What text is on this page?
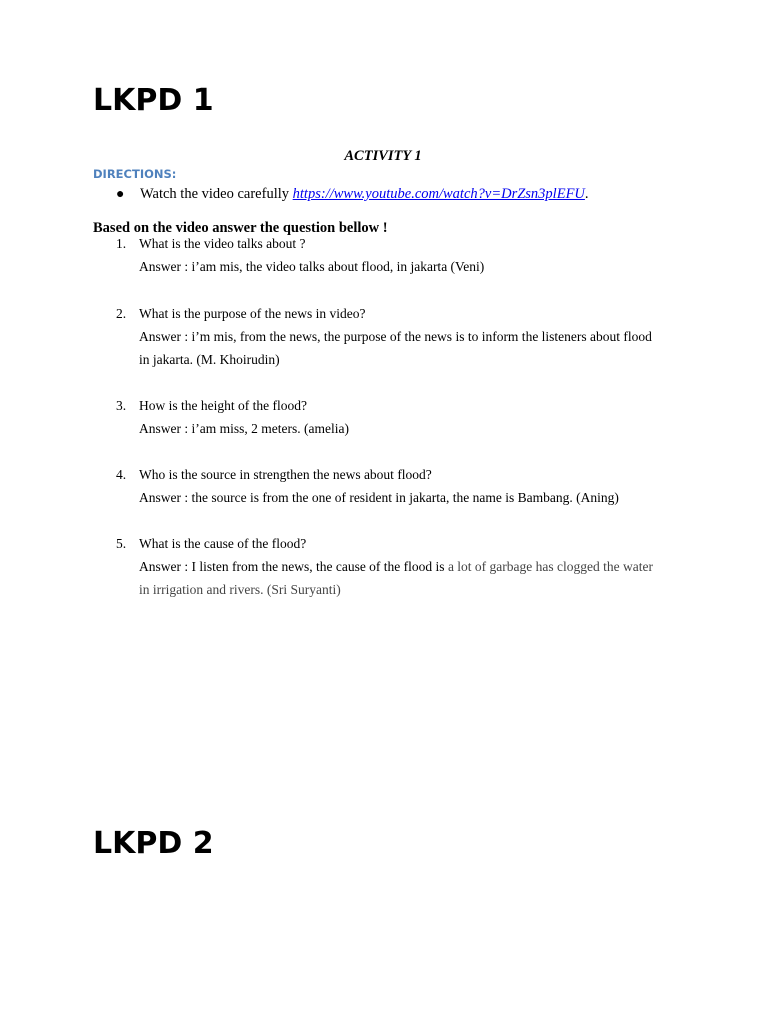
LKPD 1
ACTIVITY 1
DIRECTIONS:
● Watch the video carefully https://www.youtube.com/watch?v=DrZsn3plEFU.
Based on the video answer the question bellow !
1. What is the video talks about ?
Answer : i’am mis, the video talks about flood, in jakarta (Veni)
2. What is the purpose of the news in video?
Answer : i’m mis, from the news, the purpose of the news is to inform the listeners about flood in jakarta. (M. Khoirudin)
3. How is the height of the flood?
Answer : i’am miss, 2 meters. (amelia)
4. Who is the source in strengthen the news about flood?
Answer : the source is from the one of resident in jakarta, the name is Bambang. (Aning)
5. What is the cause of the flood?
Answer : I listen from the news, the cause of the flood is a lot of garbage has clogged the water in irrigation and rivers. (Sri Suryanti)
LKPD 2
